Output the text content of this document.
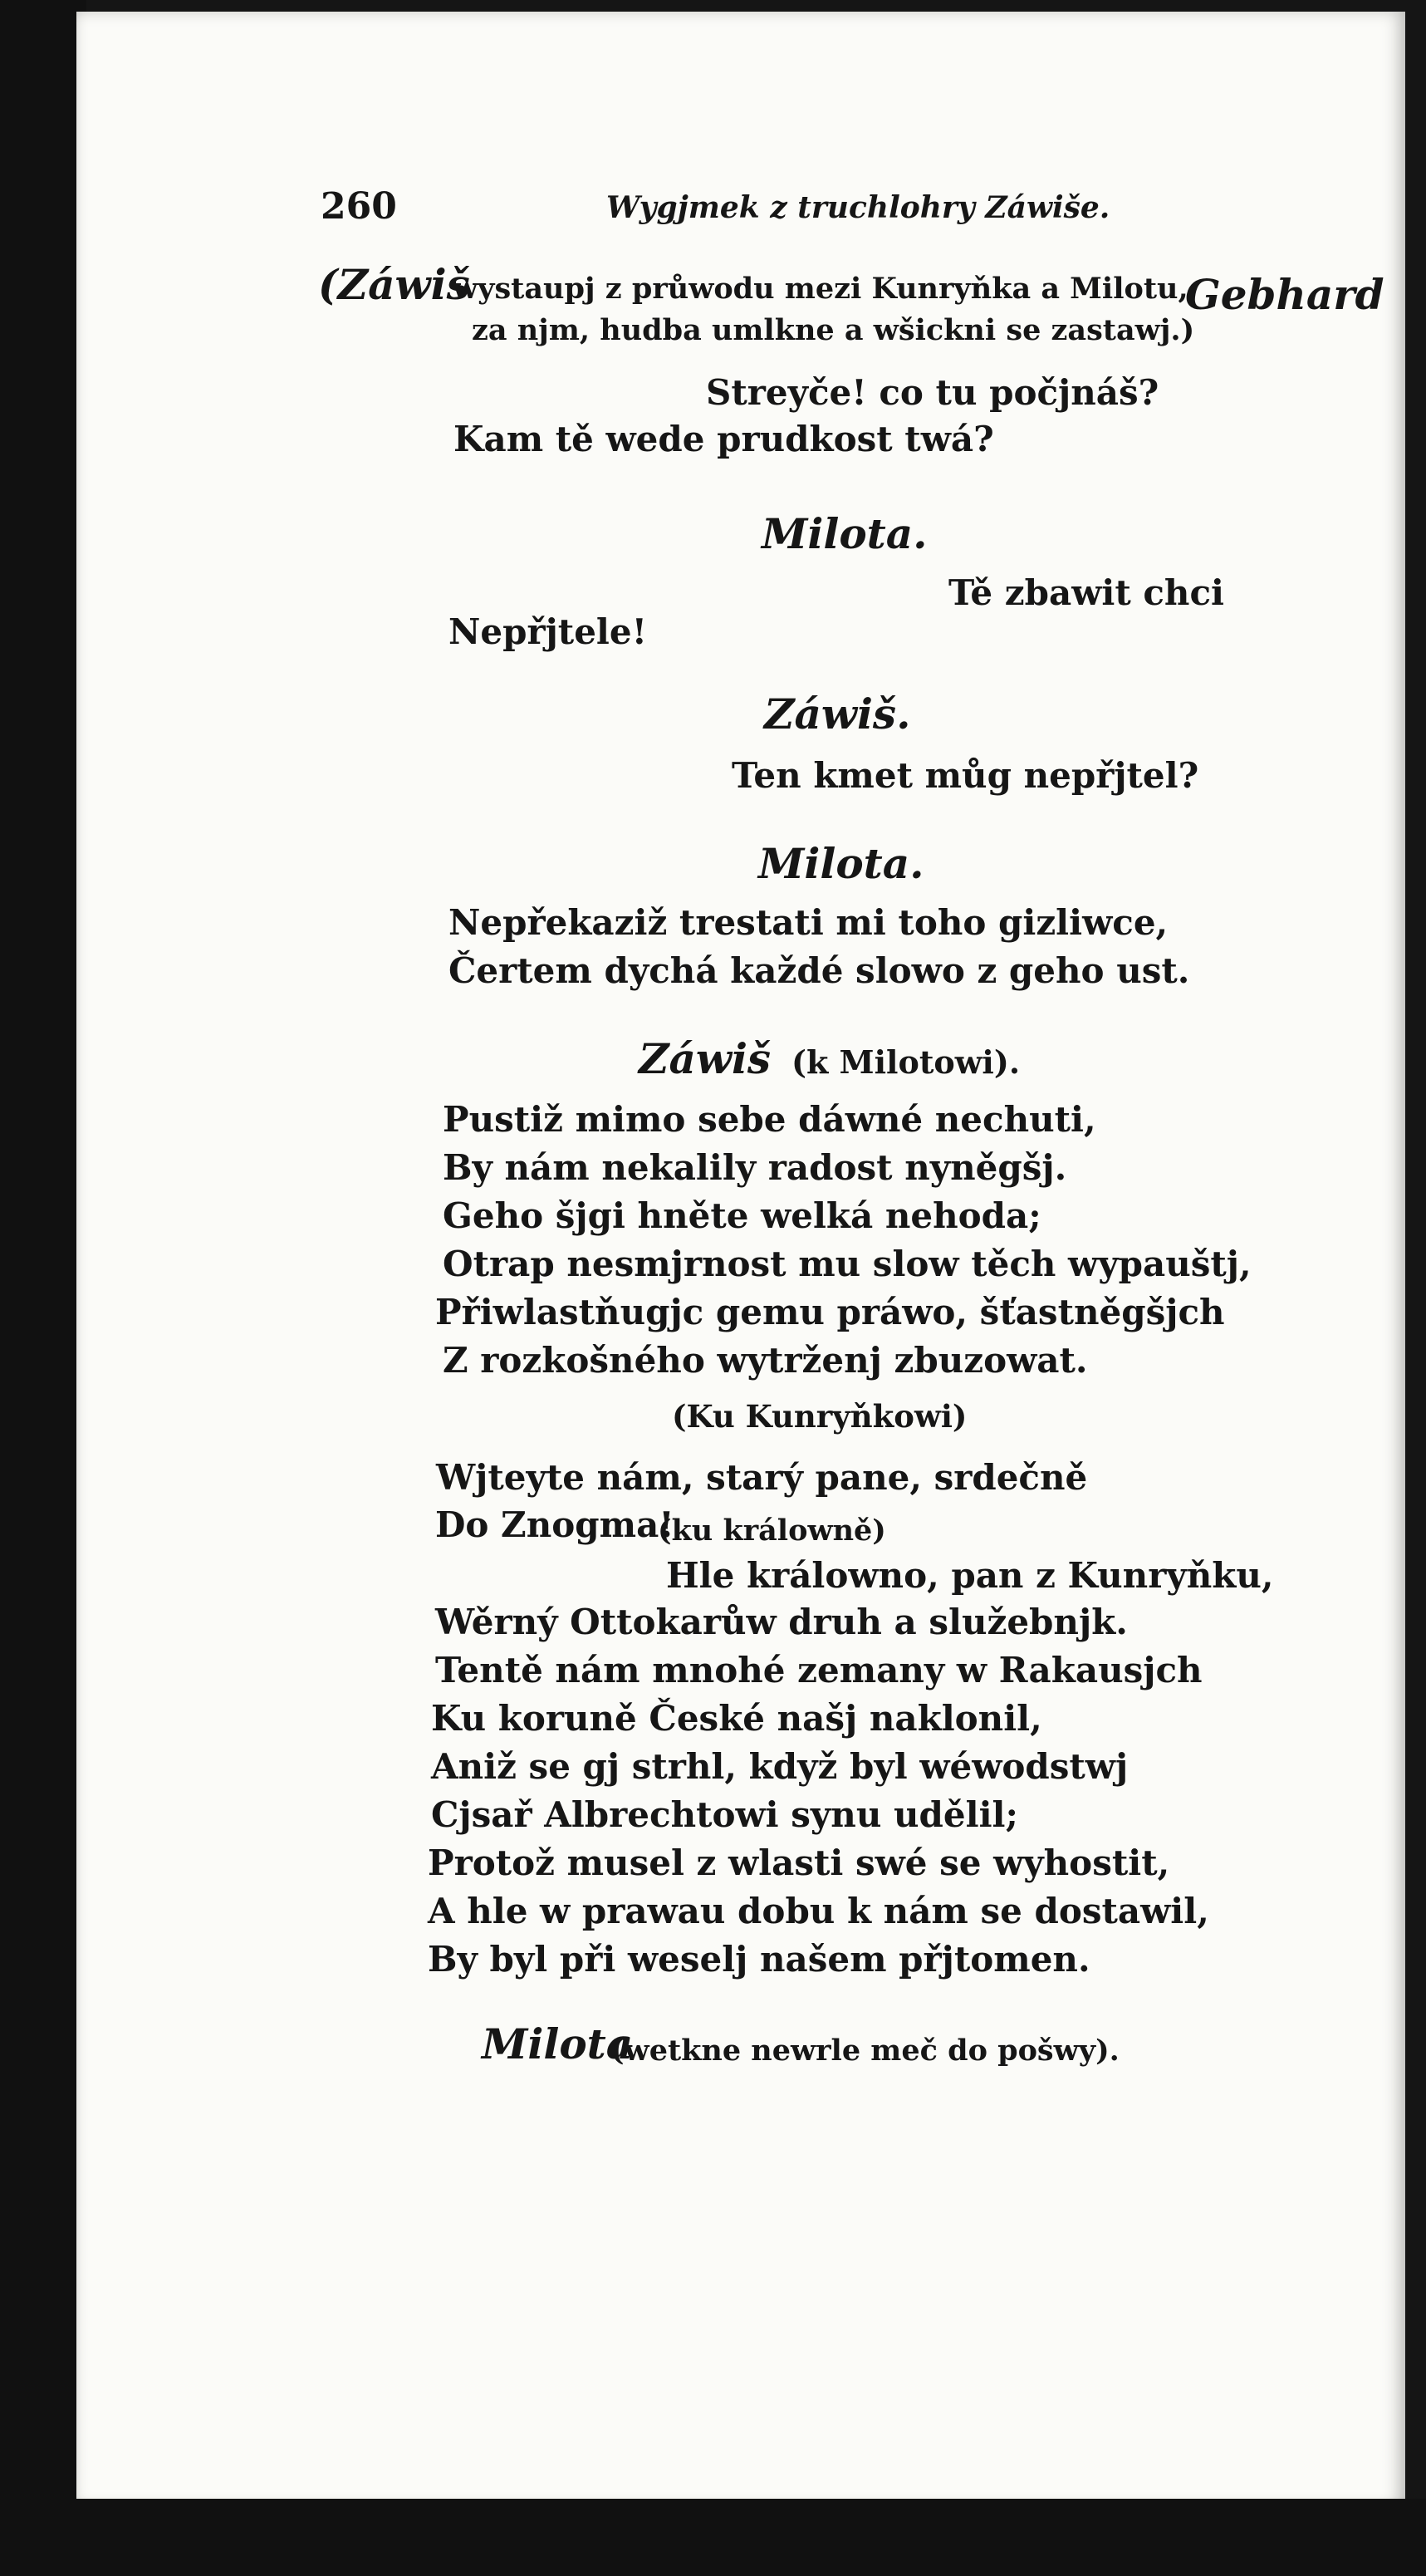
260	Wygjmek z truchlohry Záwiše.
(Záwiš
wystaupj z průwodu mezi Kunryňka a Milotu,
Gebhard
za njm, hudba umlkne a wšickni se zastawj.)
Streyče! co tu počjnáš?
Kam tě wede prudkost twá?
Milota.
Tě zbawit chci
Nepřjtele!
Záwiš.
Ten kmet můg nepřjtel?
Milota.
Nepřekaziž trestati mi toho gizliwce,
Čertem dychá každé slowo z geho ust.
Záwiš (k Milotowi).
Pustiž mimo sebe dáwné nechuti,
By nám nekalily radost nyněgšj.
Geho šjgi hněte welká nehoda;
Otrap nesmjrnost mu slow těch wypauštj,
Přiwlastňugjc gemu práwo, šťastněgšjch
Z rozkošného wytrženj zbuzowat.
(Ku Kunryňkowi)
Wjteyte nám, starý pane, srdečně
Do Znogma!
(ku králowně)
Hle králowno, pan z Kunryňku,
Wěrný Ottokarůw druh a služebnjk.
Tentě nám mnohé zemany w Rakausjch
Ku koruně České našj naklonil,
Aniž se gj strhl, když byl wéwodstwj
Cjsař Albrechtowi synu udělil;
Protož musel z wlasti swé se wyhostit,
A hle w prawau dobu k nám se dostawil,
By byl při weselj našem přjtomen.
Milota
(wetkne newrle meč do pošwy).
